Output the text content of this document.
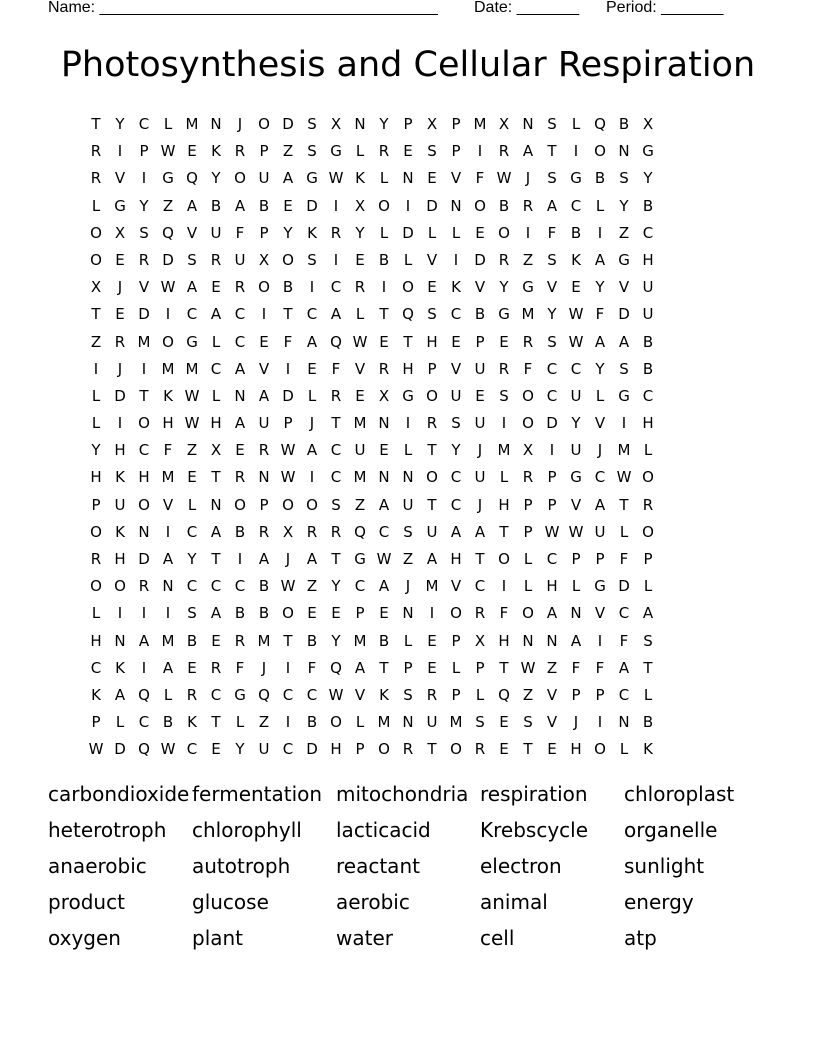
Name: ______________________________________ Date: _______ Period: _______
Photosynthesis and Cellular Respiration
T Y C L M N	J	O D S X N Y P X P M X N S	L Q B X
R	I	P W E K R P Z S G L R E S P	I	R A T	I	O N G
R V	I	G Q Y O U A G W K L N E V F W J	S G B S Y
L G Y Z A B A B E D	I	X O	I	D N O B R A C L	Y B
O X S Q V U F	P Y K R Y	L D L	L	E O	I	F B	I	Z C
O E R D S R U X O S	I	E B L V	I	D R Z S K A G H
X	J	V W A E R O B	I	C R	I	O E K V Y G V E Y V U
T E D	I	C A C	I	T C A L	T Q S C B G M Y W F D U
Z R M O G L C E F A Q W E T H E P E R S W A A B
I	J	I	M M C A V	I	E F V R H P V U R F C C Y S B
L D T K W L N A D L R E X G O U E S O C U L G C
L	I	O H W H A U P	J	T M N	I	R S U	I	O D Y V	I	H
Y H C F Z X E R W A C U E	L	T Y	J	M X	I	U	J	M L
H K H M E T R N W I	C M N N O C U L R P G C W O
P U O V L N O P O O S Z A U T C	J	H P P V A T R
O K N	I	C A B R X R R Q C S U A A T P W W U L O
R H D A Y T	I	A	J	A T G W Z A H T O L C P P	F	P
O O R N C C C B W Z Y C A	J	M V C	I	L H L G D L
L	I	I	I	S A B B O E E P E N	I	O R F O A N V C A
H N A M B E R M T B Y M B L	E P X H N N A	I	F S
C K	I	A E R F	J	I	F Q A T P E	L	P T W Z F	F A T
K A Q L R C G Q C C W V K S R P	L Q Z V P P C L
P	L C B K T	L Z	I	B O L M N U M S E S V	J	I	N B
W D Q W C E Y U C D H P O R T O R E T E H O L K
carbondioxide fermentation mitochondria respiration	chloroplast
heterotroph	chlorophyll	lacticacid	Krebscycle	organelle
anaerobic	autotroph	reactant	electron	sunlight
product	glucose	aerobic	animal	energy
oxygen	plant	water	cell	atp
